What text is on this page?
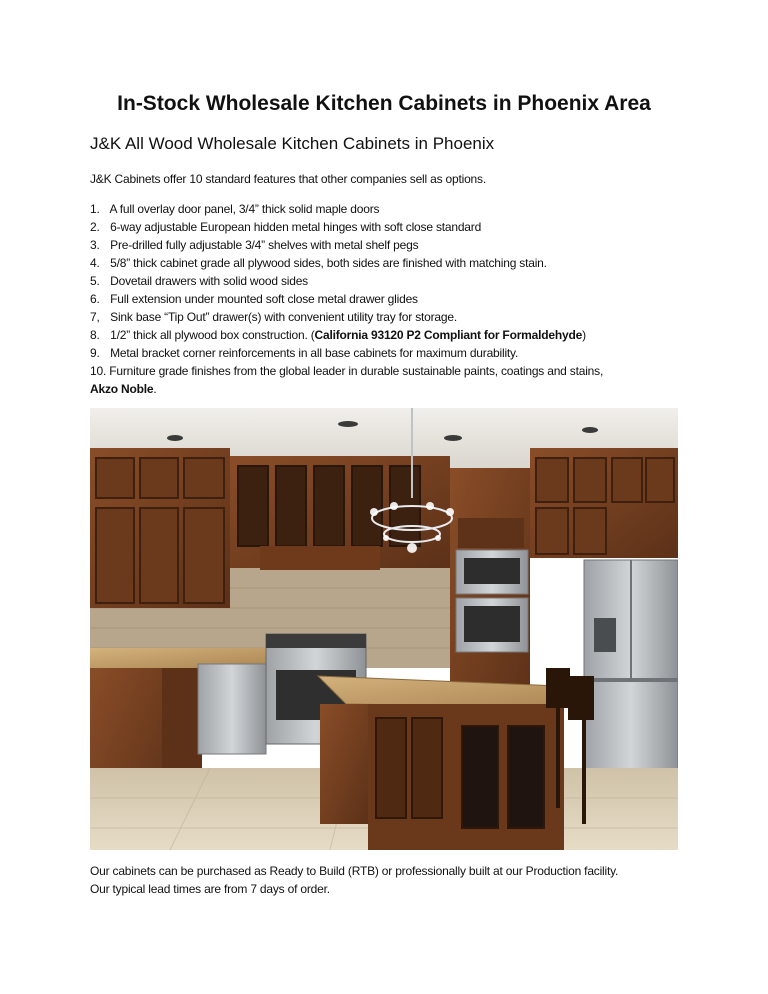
In-Stock Wholesale Kitchen Cabinets in Phoenix Area
J&K All Wood Wholesale Kitchen Cabinets in Phoenix

J&K Cabinets offer 10 standard features that other companies sell as options.

1. A full overlay door panel, 3/4” thick solid maple doors
2. 6-way adjustable European hidden metal hinges with soft close standard
3. Pre-drilled fully adjustable 3/4” shelves with metal shelf pegs
4. 5/8” thick cabinet grade all plywood sides, both sides are finished with matching stain.
5. Dovetail drawers with solid wood sides
6. Full extension under mounted soft close metal drawer glides
7, Sink base “Tip Out” drawer(s) with convenient utility tray for storage.
8. 1/2” thick all plywood box construction. (California 93120 P2 Compliant for Formaldehyde)
9. Metal bracket corner reinforcements in all base cabinets for maximum durability.
10. Furniture grade finishes from the global leader in durable sustainable paints, coatings and stains,
Akzo Noble.

Our cabinets can be purchased as Ready to Build (RTB) or professionally built at our Production facility.
Our typical lead times are from 7 days of order.
